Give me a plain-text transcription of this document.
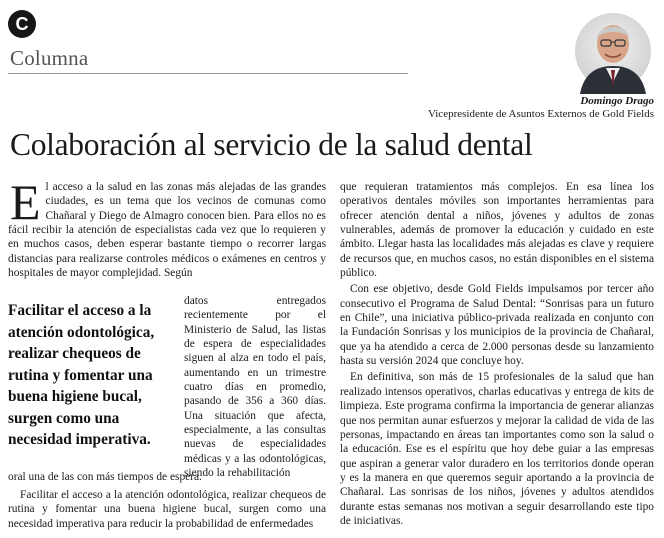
C
Columna
Domingo Drago
Vicepresidente de Asuntos Externos de Gold Fields
Colaboración al servicio de la salud dental

El acceso a la salud en las zonas más alejadas de las grandes ciudades, es un tema que los vecinos de comunas como Chañaral y Diego de Almagro conocen bien. Para ellos no es fácil recibir la atención de especialistas cada vez que lo requieren y en muchos casos, deben esperar bastante tiempo o recorrer largas distancias para realizarse controles médicos o exámenes en centros y hospitales de mayor complejidad. Según

Facilitar el acceso a la atención odontológica, realizar chequeos de rutina y fomentar una buena higiene bucal, surgen como una necesidad imperativa.

datos entregados recientemente por el Ministerio de Salud, las listas de espera de especialidades siguen al alza en todo el país, aumentando en un trimestre cuatro días en promedio, pasando de 356 a 360 días. Una situación que afecta, especialmente, a las consultas nuevas de especialidades médicas y a las odontológicas, siendo la rehabilitación

oral una de las con más tiempos de espera.

Facilitar el acceso a la atención odontológica, realizar chequeos de rutina y fomentar una buena higiene bucal, surgen como una necesidad imperativa para reducir la probabilidad de enfermedades

que requieran tratamientos más complejos. En esa línea los operativos dentales móviles son importantes herramientas para ofrecer atención dental a niños, jóvenes y adultos de zonas vulnerables, además de promover la educación y cuidado en este ámbito. Llegar hasta las localidades más alejadas es clave y requiere de recursos que, en muchos casos, no están disponibles en el sistema público.

Con ese objetivo, desde Gold Fields impulsamos por tercer año consecutivo el Programa de Salud Dental: “Sonrisas para un futuro en Chile”, una iniciativa público-privada realizada en conjunto con la Fundación Sonrisas y los municipios de la provincia de Chañaral, que ya ha atendido a cerca de 2.000 personas desde su lanzamiento hasta su versión 2024 que concluye hoy.

En definitiva, son más de 15 profesionales de la salud que han realizado intensos operativos, charlas educativas y entrega de kits de limpieza. Este programa confirma la importancia de generar alianzas que nos permitan aunar esfuerzos y mejorar la calidad de vida de las personas, impactando en áreas tan importantes como son la salud o la educación. Ese es el espíritu que hoy debe guiar a las empresas que aspiran a generar valor duradero en los territorios donde operan y es la manera en que queremos seguir aportando a la provincia de Chañaral. Las sonrisas de los niños, jóvenes y adultos atendidos durante estas semanas nos motivan a seguir desarrollando este tipo de iniciativas.
